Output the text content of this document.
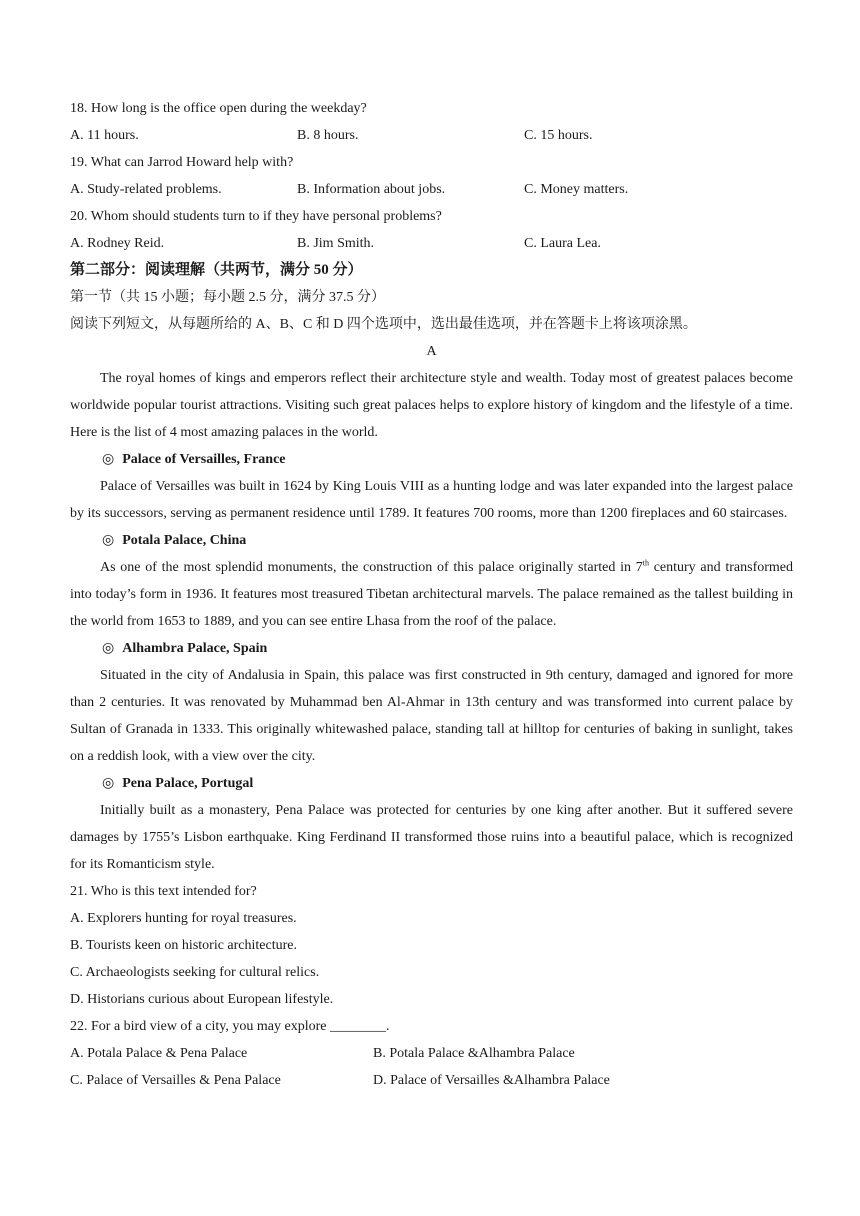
18. How long is the office open during the weekday?
A. 11 hours.	B. 8 hours.	C. 15 hours.
19. What can Jarrod Howard help with?
A. Study-related problems.	B. Information about jobs.	C. Money matters.
20. Whom should students turn to if they have personal problems?
A. Rodney Reid.	B. Jim Smith.	C. Laura Lea.
第二部分：阅读理解（共两节，满分 50 分）
第一节（共 15 小题；每小题 2.5 分，满分 37.5 分）
阅读下列短文，从每题所给的 A、B、C 和 D 四个选项中，选出最佳选项，并在答题卡上将该项涂黑。
A

The royal homes of kings and emperors reflect their architecture style and wealth. Today most of greatest palaces become worldwide popular tourist attractions. Visiting such great palaces helps to explore history of kingdom and the lifestyle of a time. Here is the list of 4 most amazing palaces in the world.

◎ Palace of Versailles, France

Palace of Versailles was built in 1624 by King Louis VIII as a hunting lodge and was later expanded into the largest palace by its successors, serving as permanent residence until 1789. It features 700 rooms, more than 1200 fireplaces and 60 staircases.

◎ Potala Palace, China

As one of the most splendid monuments, the construction of this palace originally started in 7th century and transformed into today’s form in 1936. It features most treasured Tibetan architectural marvels. The palace remained as the tallest building in the world from 1653 to 1889, and you can see entire Lhasa from the roof of the palace.

◎ Alhambra Palace, Spain

Situated in the city of Andalusia in Spain, this palace was first constructed in 9th century, damaged and ignored for more than 2 centuries. It was renovated by Muhammad ben Al-Ahmar in 13th century and was transformed into current palace by Sultan of Granada in 1333. This originally whitewashed palace, standing tall at hilltop for centuries of baking in sunlight, takes on a reddish look, with a view over the city.

◎ Pena Palace, Portugal

Initially built as a monastery, Pena Palace was protected for centuries by one king after another. But it suffered severe damages by 1755’s Lisbon earthquake. King Ferdinand II transformed those ruins into a beautiful palace, which is recognized for its Romanticism style.

21. Who is this text intended for?
A. Explorers hunting for royal treasures.
B. Tourists keen on historic architecture.
C. Archaeologists seeking for cultural relics.
D. Historians curious about European lifestyle.
22. For a bird view of a city, you may explore ________.
A. Potala Palace & Pena Palace	B. Potala Palace &Alhambra Palace
C. Palace of Versailles & Pena Palace	D. Palace of Versailles &Alhambra Palace
